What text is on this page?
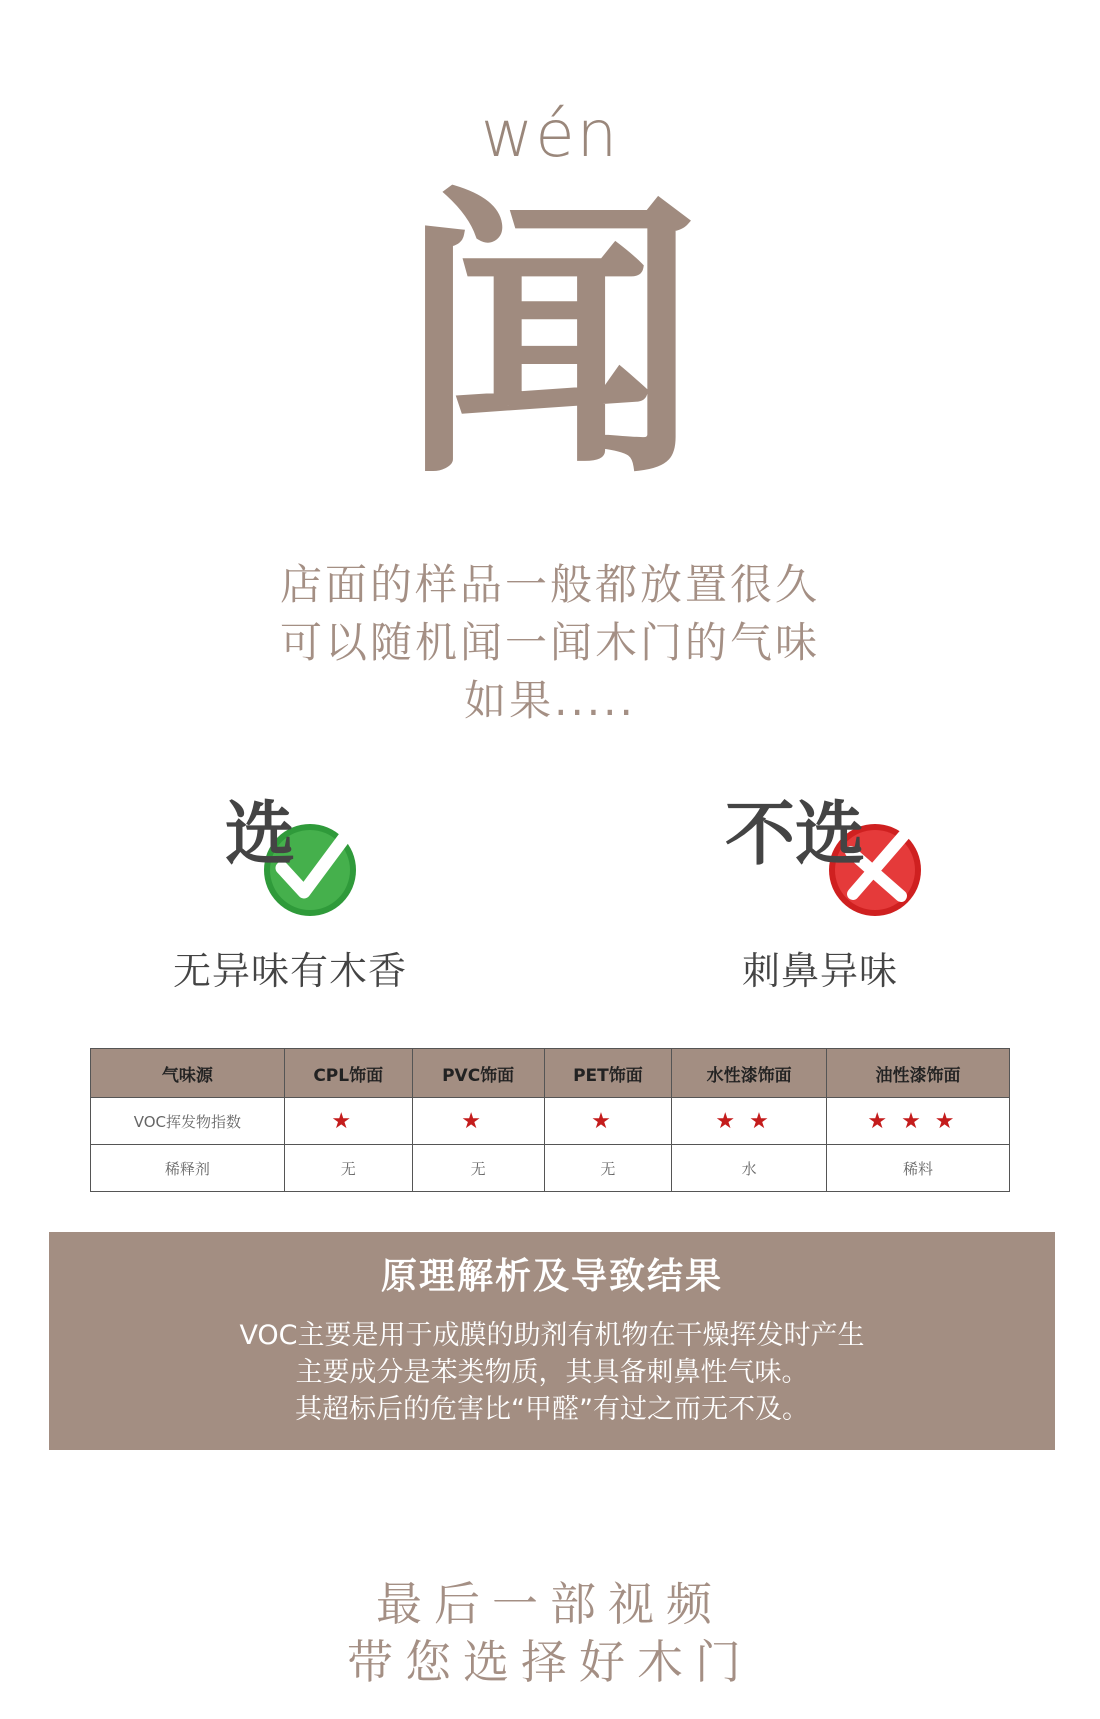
wén
闻
店面的样品一般都放置很久
可以随机闻一闻木门的气味
如果.....
选
无异味有木香
不选
刺鼻异味
气味源	CPL饰面	PVC饰面	PET饰面	水性漆饰面	油性漆饰面
VOC挥发物指数	★	★	★	★★	★★★
稀释剂	无	无	无	水	稀料
原理解析及导致结果
VOC主要是用于成膜的助剂有机物在干燥挥发时产生
主要成分是苯类物质，其具备刺鼻性气味。
其超标后的危害比“甲醛”有过之而无不及。
最后一部视频
带您选择好木门
